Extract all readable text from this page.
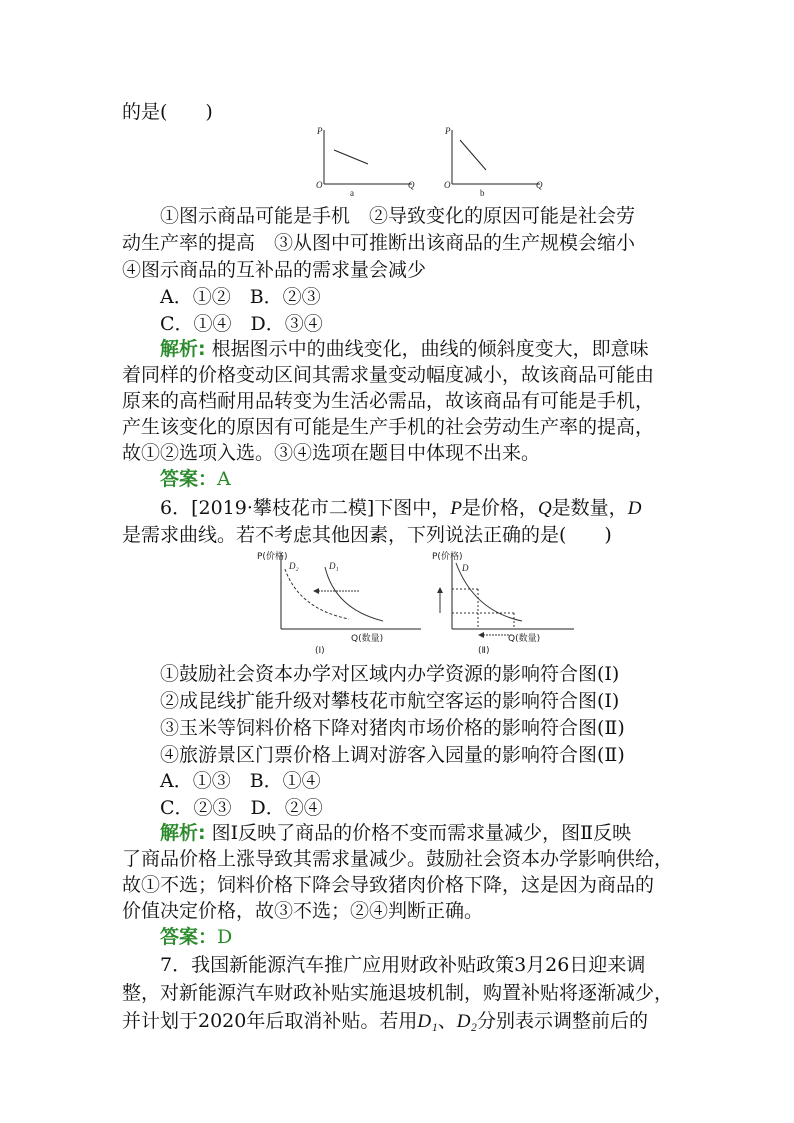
的是(　　)
P
O	Q
a
P
O	Q
b
①图示商品可能是手机　②导致变化的原因可能是社会劳
动生产率的提高　③从图中可推断出该商品的生产规模会缩小
④图示商品的互补品的需求量会减少
A．①②　B．②③
C．①④　D．③④
解析: 根据图示中的曲线变化，曲线的倾斜度变大，即意味
着同样的价格变动区间其需求量变动幅度减小，故该商品可能由
原来的高档耐用品转变为生活必需品，故该商品有可能是手机，
产生该变化的原因有可能是生产手机的社会劳动生产率的提高，
故①②选项入选。③④选项在题目中体现不出来。
答案：A
6．[2019·攀枝花市二模]下图中，P是价格，Q是数量，D
是需求曲线。若不考虑其他因素，下列说法正确的是(　　)
P(价格)
D₂	D₁
Q(数量)
(Ⅰ)
P(价格)
D
Q(数量)
(Ⅱ)
①鼓励社会资本办学对区域内办学资源的影响符合图(Ⅰ)
②成昆线扩能升级对攀枝花市航空客运的影响符合图(Ⅰ)
③玉米等饲料价格下降对猪肉市场价格的影响符合图(Ⅱ)
④旅游景区门票价格上调对游客入园量的影响符合图(Ⅱ)
A．①③　B．①④
C．②③　D．②④
解析: 图Ⅰ反映了商品的价格不变而需求量减少，图Ⅱ反映
了商品价格上涨导致其需求量减少。鼓励社会资本办学影响供给，
故①不选；饲料价格下降会导致猪肉价格下降，这是因为商品的
价值决定价格，故③不选；②④判断正确。
答案：D
7．我国新能源汽车推广应用财政补贴政策3月26日迎来调
整，对新能源汽车财政补贴实施退坡机制，购置补贴将逐渐减少，
并计划于2020年后取消补贴。若用D₁、D₂分别表示调整前后的
